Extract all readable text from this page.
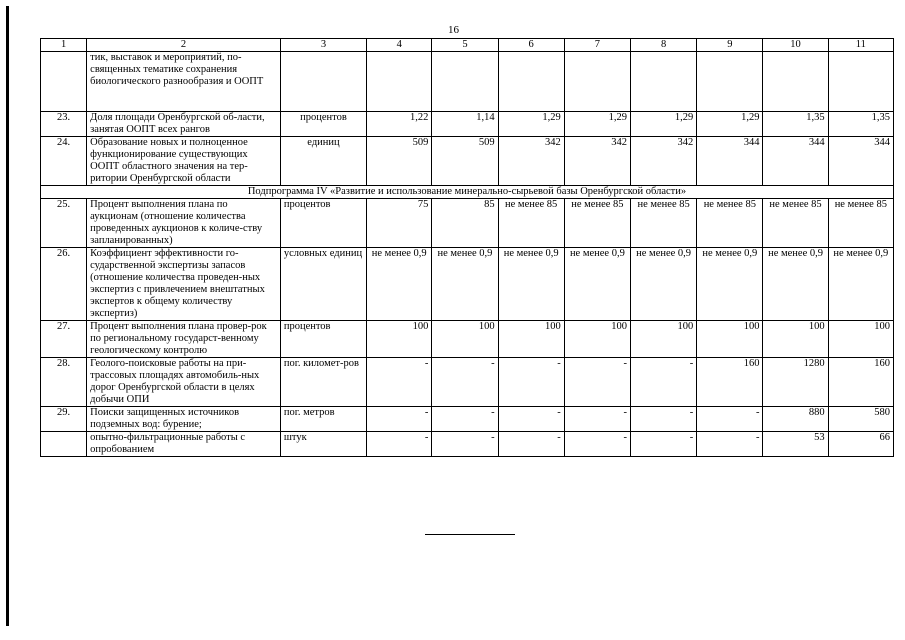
16
1	2	3	4	5	6	7	8	9	10	11
	тик, выставок и мероприятий, по-священных тематике сохранения биологического разнообразия и ООПТ									
23.	Доля площади Оренбургской об-ласти, занятая ООПТ всех рангов	процентов	1,22	1,14	1,29	1,29	1,29	1,29	1,35	1,35
24.	Образование новых и полноценное функционирование существующих ООПТ областного значения на тер-ритории Оренбургской области	единиц	509	509	342	342	342	344	344	344
Подпрограмма IV «Развитие и использование минерально-сырьевой базы Оренбургской области»										
25.	Процент выполнения плана по аукционам (отношение количества проведенных аукционов к количе-ству запланированных)	процентов	75	85	не менее 85	не менее 85	не менее 85	не менее 85	не менее 85	не менее 85
26.	Коэффициент эффективности го-сударственной экспертизы запасов (отношение количества проведен-ных экспертиз с привлечением внештатных экспертов к общему количеству экспертиз)	условных единиц	не менее 0,9	не менее 0,9	не менее 0,9	не менее 0,9	не менее 0,9	не менее 0,9	не менее 0,9	не менее 0,9
27.	Процент выполнения плана провер-рок по региональному государст-венному геологическому контролю	процентов	100	100	100	100	100	100	100	100
28.	Геолого-поисковые работы на при-трассовых площадях автомобиль-ных дорог Оренбургской области в целях добычи ОПИ	пог. километ-ров	-	-	-	-	-	160	1280	160
29.	Поиски защищенных источников подземных вод: бурение;	пог. метров	-	-	-	-	-	-	880	580
	опытно-фильтрационные работы с опробованием	штук	-	-	-	-	-	-	53	66
